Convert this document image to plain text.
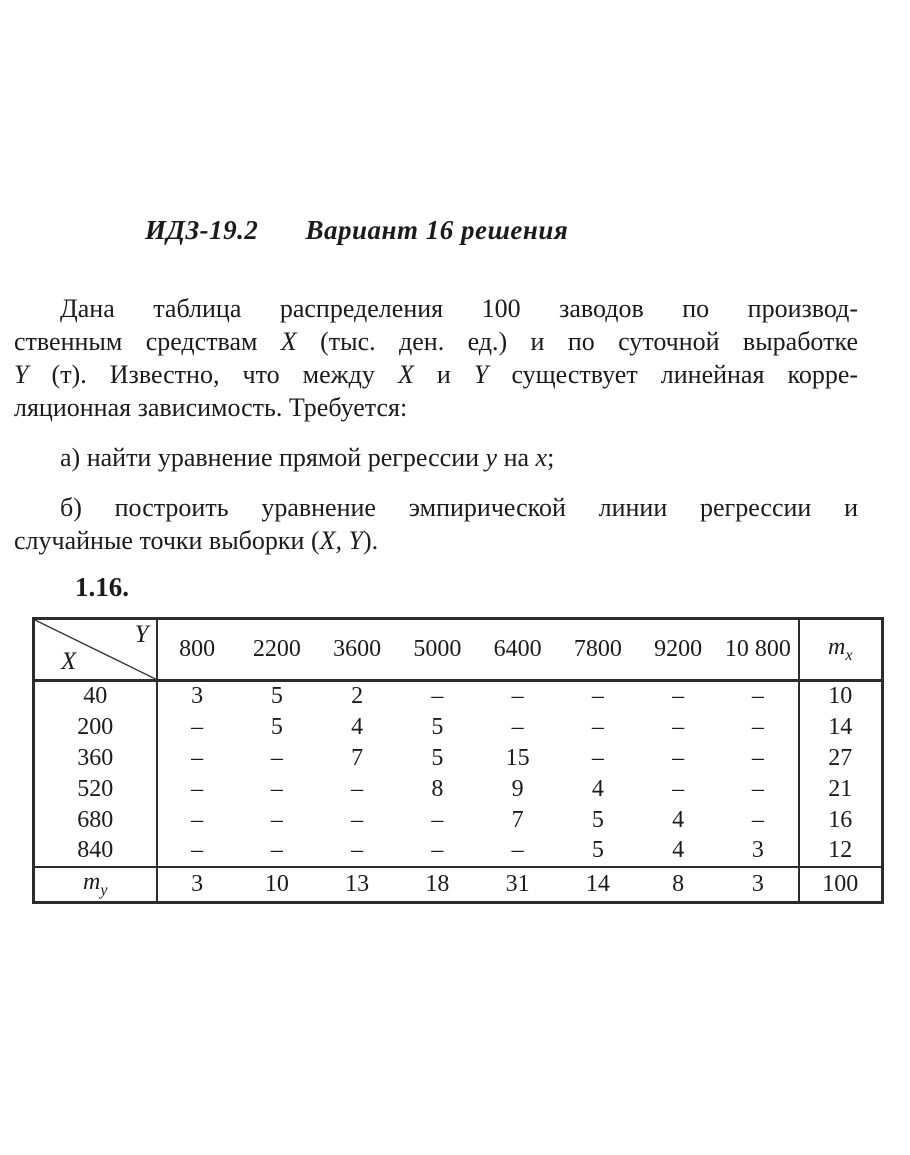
ИДЗ-19.2 Вариант 16 решения
Дана таблица распределения 100 заводов по производ-
ственным средствам X (тыс. ден. ед.) и по суточной выработке
Y (т). Известно, что между X и Y существует линейная корре-
ляционная зависимость. Требуется:
а) найти уравнение прямой регрессии y на x;
б) построить уравнение эмпирической линии регрессии и
случайные точки выборки (X, Y).
1.16.
Y
X	800	2200	3600	5000	6400	7800	9200	10 800	$m_x$
40	3	5	2	–	–	–	–	–	10
200	–	5	4	5	–	–	–	–	14
360	–	–	7	5	15	–	–	–	27
520	–	–	–	8	9	4	–	–	21
680	–	–	–	–	7	5	4	–	16
840	–	–	–	–	–	5	4	3	12
$m_y$	3	10	13	18	31	14	8	3	100
